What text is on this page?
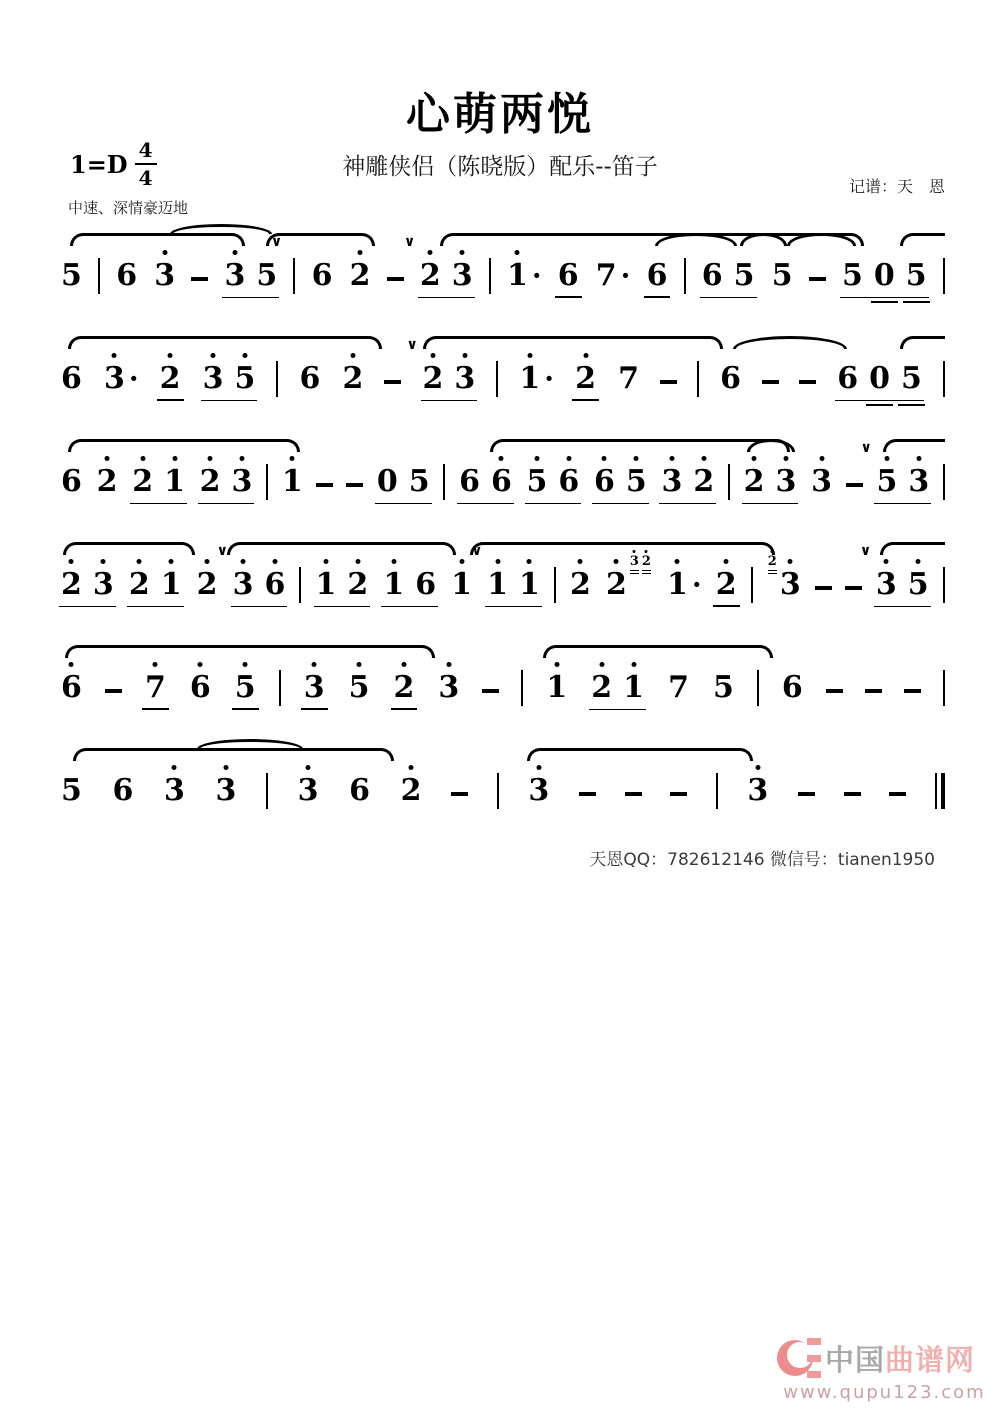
心萌两悦
$1=D \frac{4}{4}$	神雕侠侣（陈晓版）配乐--笛子
记谱：天　恩
中速、深情豪迈地
5 6 3 3 5
∨
6 2 2 3
∨
1 · 6 7 · 6 6 5 5 5 0 5
6 3 · 2 3 5 6 2 2 3
∨
1 · 2 7	6	6 0 5
6 2 2 1 2 3 1 0 5 6 6 5 6 6 5 3 2 2 3 3 5 3
∨
2 3 2 1 2 3 6
∨
1 2 1 6 1 1 1
∨
2 2
3 2
1 · 2
2
3	3 5
∨
6 7 6 5 3 5 2 3	1 2 1 7 5 6
5 6 3 3 3 6 2	3	3
天恩QQ：782612146 微信号：tianen1950
中国曲谱网
www.qupu123.com
